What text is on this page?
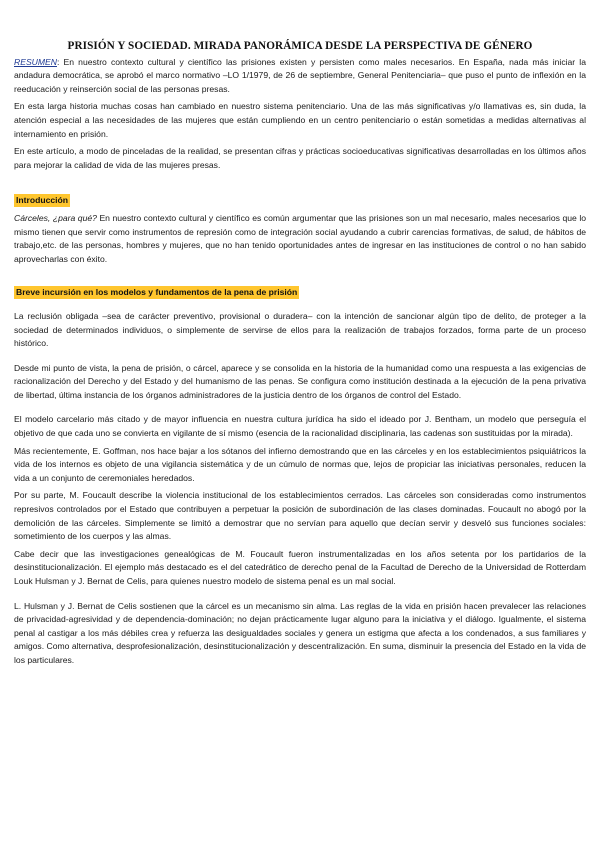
PRISIÓN Y SOCIEDAD. MIRADA PANORÁMICA DESDE LA PERSPECTIVA DE GÉNERO

RESUMEN: En nuestro contexto cultural y científico las prisiones existen y persisten como males necesarios. En España, nada más iniciar la andadura democrática, se aprobó el marco normativo –LO 1/1979, de 26 de septiembre, General Penitenciaria– que puso el punto de inflexión en la reeducación y reinserción social de las personas presas.

En esta larga historia muchas cosas han cambiado en nuestro sistema penitenciario. Una de las más significativas y/o llamativas es, sin duda, la atención especial a las necesidades de las mujeres que están cumpliendo en un centro penitenciario o están sometidas a medidas alternativas al internamiento en prisión.

En este artículo, a modo de pinceladas de la realidad, se presentan cifras y prácticas socioeducativas significativas desarrolladas en los últimos años para mejorar la calidad de vida de las mujeres presas.

Introducción

Cárceles, ¿para qué? En nuestro contexto cultural y científico es común argumentar que las prisiones son un mal necesario, males necesarios que lo mismo tienen que servir como instrumentos de represión como de integración social ayudando a cubrir carencias formativas, de salud, de hábitos de trabajo,etc. de las personas, hombres y mujeres, que no han tenido oportunidades antes de ingresar en las instituciones de control o no han sabido aprovecharlas con éxito.

Breve incursión en los modelos y fundamentos de la pena de prisión

La reclusión obligada –sea de carácter preventivo, provisional o duradera– con la intención de sancionar algún tipo de delito, de proteger a la sociedad de determinados individuos, o simplemente de servirse de ellos para la realización de trabajos forzados, forma parte de un proceso histórico.

Desde mi punto de vista, la pena de prisión, o cárcel, aparece y se consolida en la historia de la humanidad como una respuesta a las exigencias de racionalización del Derecho y del Estado y del humanismo de las penas. Se configura como institución destinada a la ejecución de la pena privativa de libertad, última instancia de los órganos administradores de la justicia dentro de los órganos de control del Estado.

El modelo carcelario más citado y de mayor influencia en nuestra cultura jurídica ha sido el ideado por J. Bentham, un modelo que perseguía el objetivo de que cada uno se convierta en vigilante de sí mismo (esencia de la racionalidad disciplinaria, las cadenas son sustituidas por la mirada).

Más recientemente, E. Goffman, nos hace bajar a los sótanos del infierno demostrando que en las cárceles y en los establecimientos psiquiátricos la vida de los internos es objeto de una vigilancia sistemática y de un cúmulo de normas que, lejos de propiciar las iniciativas personales, reducen la vida a un conjunto de ceremoniales heredados.

Por su parte, M. Foucault describe la violencia institucional de los establecimientos cerrados. Las cárceles son consideradas como instrumentos represivos controlados por el Estado que contribuyen a perpetuar la posición de subordinación de las clases dominadas. Foucault no abogó por la demolición de las cárceles. Simplemente se limitó a demostrar que no servían para aquello que decían servir y desveló sus funciones sociales: sometimiento de los cuerpos y las almas.

Cabe decir que las investigaciones genealógicas de M. Foucault fueron instrumentalizadas en los años setenta por los partidarios de la desinstitucionalización. El ejemplo más destacado es el del catedrático de derecho penal de la Facultad de Derecho de la Universidad de Rotterdam Louk Hulsman y J. Bernat de Celis, para quienes nuestro modelo de sistema penal es un mal social.

L. Hulsman y J. Bernat de Celis sostienen que la cárcel es un mecanismo sin alma. Las reglas de la vida en prisión hacen prevalecer las relaciones de privacidad-agresividad y de dependencia-dominación; no dejan prácticamente lugar alguno para la iniciativa y el diálogo. Igualmente, el sistema penal al castigar a los más débiles crea y refuerza las desigualdades sociales y genera un estigma que afecta a los condenados, a sus familiares y amigos. Como alternativa, desprofesionalización, desinstitucionalización y descentralización. En suma, disminuir la presencia del Estado en la vida de los particulares.
